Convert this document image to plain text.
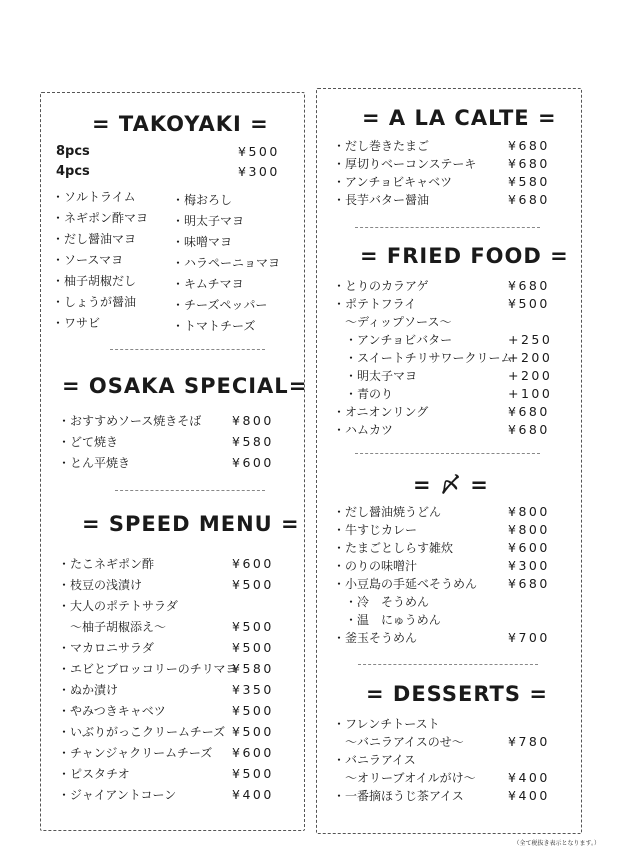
= TAKOYAKI =
8pcs	¥500
4pcs	¥300
・ソルトライム
・ネギポン酢マヨ
・だし醤油マヨ
・ソースマヨ
・柚子胡椒だし
・しょうが醤油
・ワサビ
・梅おろし
・明太子マヨ
・味噌マヨ
・ハラペーニョマヨ
・キムチマヨ
・チーズペッパー
・トマトチーズ
= OSAKA SPECIAL=
・おすすめソース焼きそば ¥800
・どて焼き	¥580
・とん平焼き	¥600
= SPEED MENU =
・たこネギポン酢	¥600
・枝豆の浅漬け	¥500
・大人のポテトサラダ
　〜柚子胡椒添え〜	¥500
・マカロニサラダ	¥500
・エビとブロッコリーのチリマヨ
¥580
・ぬか漬け	¥350
・やみつきキャベツ	¥500
・いぶりがっこクリームチーズ ¥500
・チャンジャクリームチーズ ¥600
・ピスタチオ	¥500
・ジャイアントコーン	¥400
= A LA CALTE =
・だし巻きたまご	¥680
・厚切りベーコンステーキ	¥680
・アンチョビキャベツ	¥580
・長芋バター醤油	¥680
= FRIED FOOD =
・とりのカラアゲ	¥680
・ポテトフライ	¥500
　〜ディップソース〜
　・アンチョビバター	+250
　・スイートチリサワークリーム
+200
　・明太子マヨ	+200
　・青のり	+100
・オニオンリング	¥680
・ハムカツ	¥680
= 〆 =
・だし醤油焼うどん	¥800
・牛すじカレー	¥800
・たまごとしらす雑炊	¥600
・のりの味噌汁	¥300
・小豆島の手延べそうめん ¥680
　・冷　そうめん
　・温　にゅうめん
・釜玉そうめん	¥700
= DESSERTS =
・フレンチトースト
　〜バニラアイスのせ〜	¥780
・バニラアイス
　〜オリーブオイルがけ〜	¥400
・一番摘ほうじ茶アイス	¥400
（全て税抜き表示となります。）
